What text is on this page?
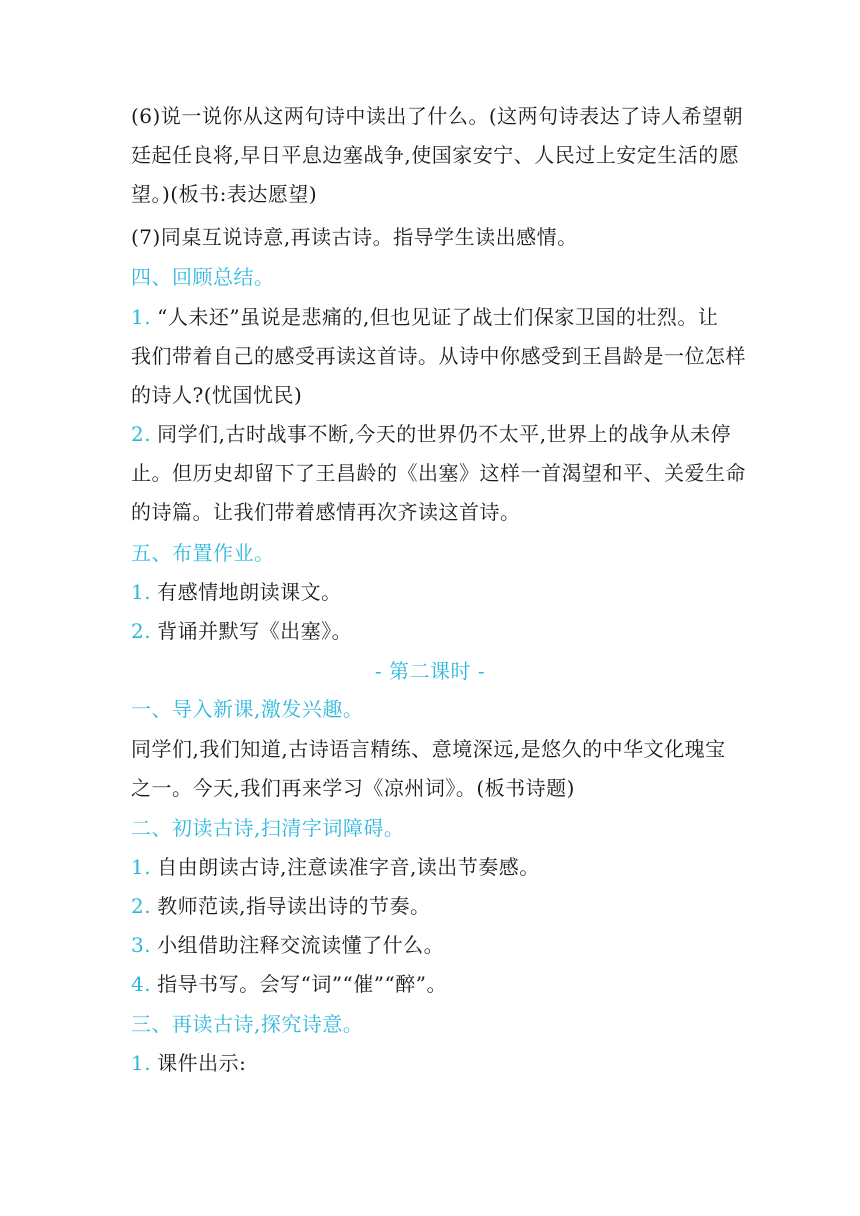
(6)说一说你从这两句诗中读出了什么。(这两句诗表达了诗人希望朝
廷起任良将,早日平息边塞战争,使国家安宁、人民过上安定生活的愿
望。)(板书:表达愿望)
(7)同桌互说诗意,再读古诗。指导学生读出感情。
四、回顾总结。
1. “人未还”虽说是悲痛的,但也见证了战士们保家卫国的壮烈。让
我们带着自己的感受再读这首诗。从诗中你感受到王昌龄是一位怎样
的诗人?(忧国忧民)
2. 同学们,古时战事不断,今天的世界仍不太平,世界上的战争从未停
止。但历史却留下了王昌龄的《出塞》这样一首渴望和平、关爱生命
的诗篇。让我们带着感情再次齐读这首诗。
五、布置作业。
1. 有感情地朗读课文。
2. 背诵并默写《出塞》。
- 第二课时 -
一、导入新课,激发兴趣。
同学们,我们知道,古诗语言精练、意境深远,是悠久的中华文化瑰宝
之一。今天,我们再来学习《凉州词》。(板书诗题)
二、初读古诗,扫清字词障碍。
1. 自由朗读古诗,注意读准字音,读出节奏感。
2. 教师范读,指导读出诗的节奏。
3. 小组借助注释交流读懂了什么。
4. 指导书写。会写“词”“催”“醉”。
三、再读古诗,探究诗意。
1. 课件出示:
